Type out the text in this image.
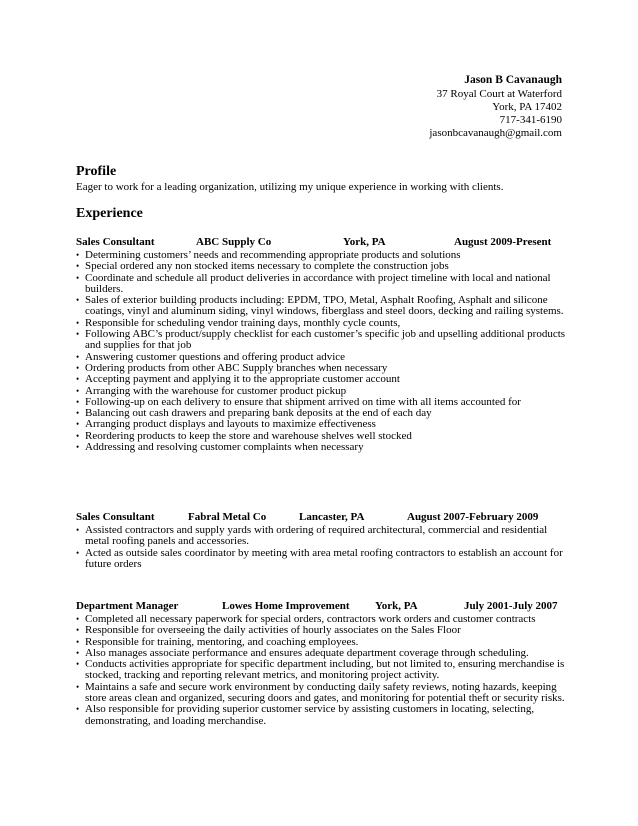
Jason B Cavanaugh
37 Royal Court at Waterford
York, PA 17402
717-341-6190
jasonbcavanaugh@gmail.com
Profile
Eager to work for a leading organization, utilizing my unique experience in working with clients.
Experience
Sales Consultant	ABC Supply Co	York, PA	August 2009-Present
• Determining customers’ needs and recommending appropriate products and solutions
• Special ordered any non stocked items necessary to complete the construction jobs
• Coordinate and schedule all product deliveries in accordance with project timeline with local and national builders.
• Sales of exterior building products including: EPDM, TPO, Metal, Asphalt Roofing, Asphalt and silicone coatings, vinyl and aluminum siding, vinyl windows, fiberglass and steel doors, decking and railing systems.
• Responsible for scheduling vendor training days, monthly cycle counts,
• Following ABC’s product/supply checklist for each customer’s specific job and upselling additional products and supplies for that job
• Answering customer questions and offering product advice
• Ordering products from other ABC Supply branches when necessary
• Accepting payment and applying it to the appropriate customer account
• Arranging with the warehouse for customer product pickup
• Following-up on each delivery to ensure that shipment arrived on time with all items accounted for
• Balancing out cash drawers and preparing bank deposits at the end of each day
• Arranging product displays and layouts to maximize effectiveness
• Reordering products to keep the store and warehouse shelves well stocked
• Addressing and resolving customer complaints when necessary
Sales Consultant	Fabral Metal Co	Lancaster, PA	August 2007-February 2009
• Assisted contractors and supply yards with ordering of required architectural, commercial and residential metal roofing panels and accessories.
• Acted as outside sales coordinator by meeting with area metal roofing contractors to establish an account for future orders
Department Manager	Lowes Home Improvement York, PA	July 2001-July 2007
• Completed all necessary paperwork for special orders, contractors work orders and customer contracts
• Responsible for overseeing the daily activities of hourly associates on the Sales Floor
• Responsible for training, mentoring, and coaching employees.
• Also manages associate performance and ensures adequate department coverage through scheduling.
• Conducts activities appropriate for specific department including, but not limited to, ensuring merchandise is stocked, tracking and reporting relevant metrics, and monitoring project activity.
• Maintains a safe and secure work environment by conducting daily safety reviews, noting hazards, keeping store areas clean and organized, securing doors and gates, and monitoring for potential theft or security risks.
• Also responsible for providing superior customer service by assisting customers in locating, selecting, demonstrating, and loading merchandise.
